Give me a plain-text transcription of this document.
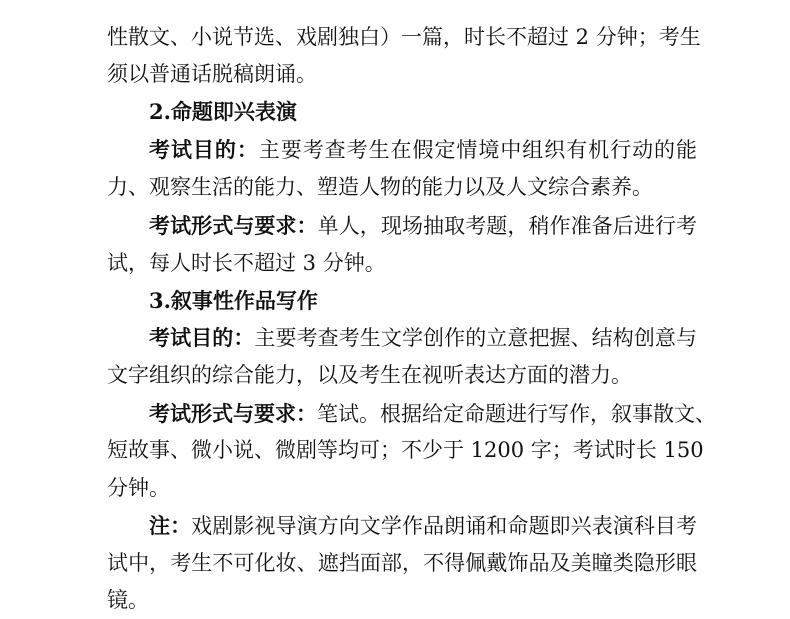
性散文、小说节选、戏剧独白）一篇，时长不超过 2 分钟；考生
须以普通话脱稿朗诵。
2.命题即兴表演
考试目的：主要考查考生在假定情境中组织有机行动的能
力、观察生活的能力、塑造人物的能力以及人文综合素养。
考试形式与要求：单人，现场抽取考题，稍作准备后进行考
试，每人时长不超过 3 分钟。
3.叙事性作品写作
考试目的：主要考查考生文学创作的立意把握、结构创意与
文字组织的综合能力，以及考生在视听表达方面的潜力。
考试形式与要求：笔试。根据给定命题进行写作，叙事散文、
短故事、微小说、微剧等均可；不少于 1200 字；考试时长 150
分钟。
注：戏剧影视导演方向文学作品朗诵和命题即兴表演科目考
试中，考生不可化妆、遮挡面部，不得佩戴饰品及美瞳类隐形眼
镜。
